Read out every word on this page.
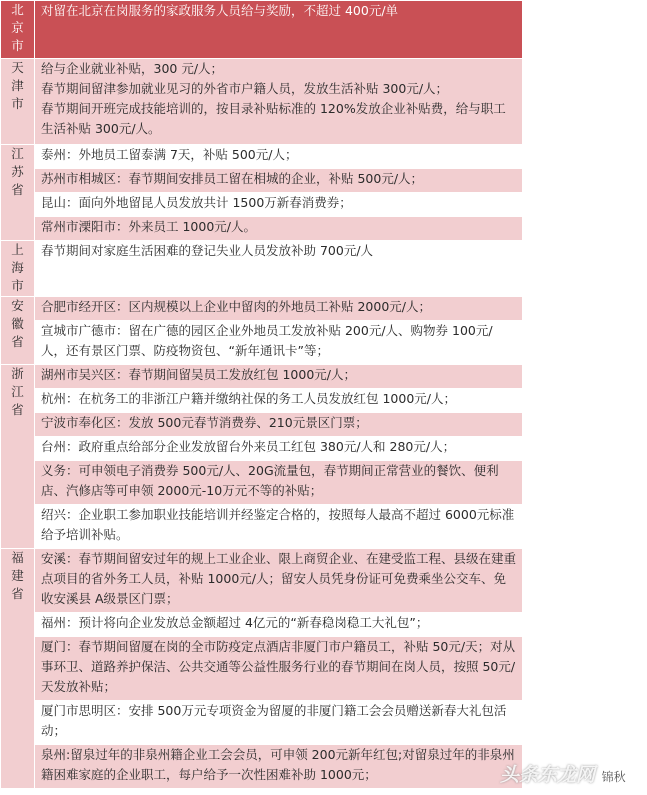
北京市	对留在北京在岗服务的家政服务人员给与奖励，不超过 400元/单

天津市	给与企业就业补贴，300 元/人；
春节期间留津参加就业见习的外省市户籍人员，发放生活补贴 300元/人；
春节期间开班完成技能培训的，按目录补贴标准的 120%发放企业补贴费，给与职工生活补贴 300元/人。

江苏省	泰州：外地员工留泰满 7天，补贴 500元/人；

	苏州市相城区：春节期间安排员工留在相城的企业，补贴 500元/人；

	昆山：面向外地留昆人员发放共计 1500万新春消费券；

	常州市溧阳市：外来员工 1000元/人。

上海市	春节期间对家庭生活困难的登记失业人员发放补助 700元/人

安徽省	合肥市经开区：区内规模以上企业中留肉的外地员工补贴 2000元/人；

	宣城市广德市：留在广德的园区企业外地员工发放补贴 200元/人、购物券 100元/人，还有景区门票、防疫物资包、“新年通讯卡”等；

浙江省	湖州市吴兴区：春节期间留吴员工发放红包 1000元/人；

	杭州：在杭务工的非浙江户籍并缴纳社保的务工人员发放红包 1000元/人；

	宁波市奉化区：发放 500元春节消费券、210元景区门票；

	台州：政府重点给部分企业发放留台外来员工红包 380元/人和 280元/人；

	义务：可申领电子消费券 500元/人、20G流量包，春节期间正常营业的餐饮、便利店、汽修店等可申领 2000元-10万元不等的补贴；

	绍兴：企业职工参加职业技能培训并经鉴定合格的，按照每人最高不超过 6000元标准给予培训补贴。

福建省	安溪：春节期间留安过年的规上工业企业、限上商贸企业、在建受监工程、县级在建重点项目的省外务工人员，补贴 1000元/人；留安人员凭身份证可免费乘坐公交车、免收安溪县 A级景区门票；

	福州：预计将向企业发放总金额超过 4亿元的“新春稳岗稳工大礼包”；

	厦门：春节期间留厦在岗的全市防疫定点酒店非厦门市户籍员工，补贴 50元/天；对从事环卫、道路养护保洁、公共交通等公益性服务行业的春节期间在岗人员，按照 50元/天发放补贴；

	厦门市思明区：安排 500万元专项资金为留厦的非厦门籍工会会员赠送新春大礼包活动；

	泉州:留泉过年的非泉州籍企业工会会员，可申领 200元新年红包;对留泉过年的非泉州籍困难家庭的企业职工，每户给予一次性困难补助 1000元；	头条东龙网 锦秋
